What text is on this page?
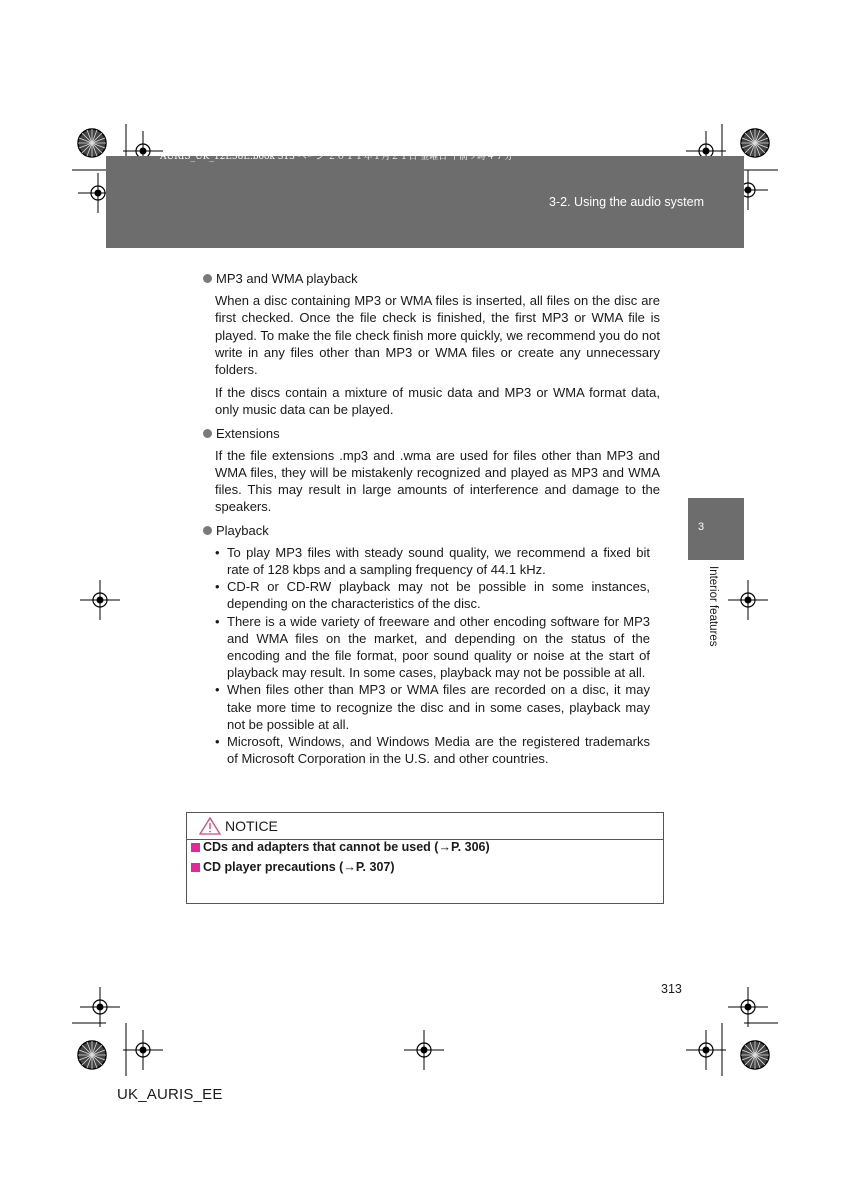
AURIS_UK_12E58E.book 313 ページ ２０１１年１月２１日 金曜日 午前９時４７分
3-2. Using the audio system
3
Interior features
MP3 and WMA playback

When a disc containing MP3 or WMA files is inserted, all files on the disc are first checked. Once the file check is finished, the first MP3 or WMA file is played. To make the file check finish more quickly, we recommend you do not write in any files other than MP3 or WMA files or create any unnecessary folders.

If the discs contain a mixture of music data and MP3 or WMA format data, only music data can be played.

Extensions

If the file extensions .mp3 and .wma are used for files other than MP3 and WMA files, they will be mistakenly recognized and played as MP3 and WMA files. This may result in large amounts of interference and damage to the speakers.

Playback
• To play MP3 files with steady sound quality, we recommend a fixed bit rate of 128 kbps and a sampling frequency of 44.1 kHz.
• CD-R or CD-RW playback may not be possible in some instances, depending on the characteristics of the disc.
• There is a wide variety of freeware and other encoding software for MP3 and WMA files on the market, and depending on the status of the encoding and the file format, poor sound quality or noise at the start of playback may result. In some cases, playback may not be possible at all.
• When files other than MP3 or WMA files are recorded on a disc, it may take more time to recognize the disc and in some cases, playback may not be possible at all.
• Microsoft, Windows, and Windows Media are the registered trademarks of Microsoft Corporation in the U.S. and other countries.
NOTICE
CDs and adapters that cannot be used (→P. 306)
CD player precautions (→P. 307)
313
UK_AURIS_EE
